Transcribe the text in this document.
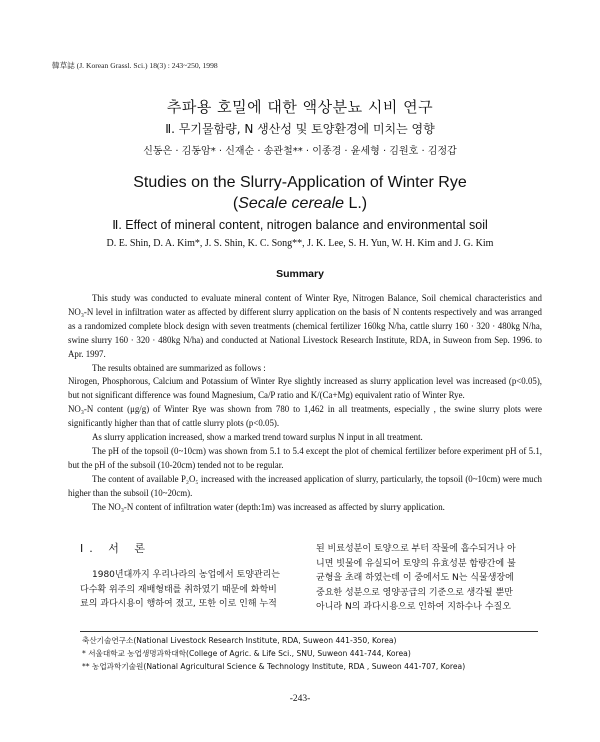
韓草誌 (J. Korean Grassl. Sci.) 18(3) : 243~250, 1998
추파용 호밀에 대한 액상분뇨 시비 연구
Ⅱ. 무기물함량, N 생산성 및 토양환경에 미치는 영향
신동은 · 김동암* · 신재순 · 송관철** · 이종경 · 윤세형 · 김원호 · 김정갑
Studies on the Slurry-Application of Winter Rye
(Secale cereale L.)
Ⅱ. Effect of mineral content, nitrogen balance and environmental soil
D. E. Shin, D. A. Kim*, J. S. Shin, K. C. Song**, J. K. Lee, S. H. Yun, W. H. Kim and J. G. Kim
Summary

This study was conducted to evaluate mineral content of Winter Rye, Nitrogen Balance, Soil chemical characteristics and NO₃-N level in infiltration water as affected by different slurry application on the basis of N contents respectively and was arranged as a randomized complete block design with seven treatments (chemical fertilizer 160kg N/ha, cattle slurry 160 · 320 · 480kg N/ha, swine slurry 160 · 320 · 480kg N/ha) and conducted at National Livestock Research Institute, RDA, in Suweon from Sep. 1996. to Apr. 1997.

The results obtained are summarized as follows :

Nirogen, Phosphorous, Calcium and Potassium of Winter Rye slightly increased as slurry application level was increased (p<0.05), but not significant difference was found Magnesium, Ca/P ratio and K/(Ca+Mg) equivalent ratio of Winter Rye.

NO₃-N content (μg/g) of Winter Rye was shown from 780 to 1,462 in all treatments, especially , the swine slurry plots were significantly higher than that of cattle slurry plots (p<0.05).

As slurry application increased, show a marked trend toward surplus N input in all treatment.

The pH of the topsoil (0~10cm) was shown from 5.1 to 5.4 except the plot of chemical fertilizer before experiment pH of 5.1, but the pH of the subsoil (10-20cm) tended not to be regular.

The content of available P₂O₅ increased with the increased application of slurry, particularly, the topsoil (0~10cm) were much higher than the subsoil (10~20cm).

The NO₃-N content of infiltration water (depth:1m) was increased as affected by slurry application.

Ⅰ. 서 론

1980년대까지 우리나라의 농업에서 토양관리는

다수확 위주의 재배형태를 취하였기 때문에 화학비

료의 과다시용이 행하여 졌고, 또한 이로 인해 누적

된 비료성분이 토양으로 부터 작물에 흡수되거나 아

니면 빗물에 유실되어 토양의 유효성분 함량간에 불

균형을 초래 하였는데 이 중에서도 N는 식물생장에

중요한 성분으로 영양공급의 기준으로 생각될 뿐만

아니라 N의 과다시용으로 인하여 지하수나 수질오

축산기술연구소(National Livestock Research Institute, RDA, Suweon 441-350, Korea)
* 서울대학교 농업생명과학대학(College of Agric. & Life Sci., SNU, Suweon 441-744, Korea)
** 농업과학기술원(National Agricultural Science & Technology Institute, RDA , Suweon 441-707, Korea)
-243-
